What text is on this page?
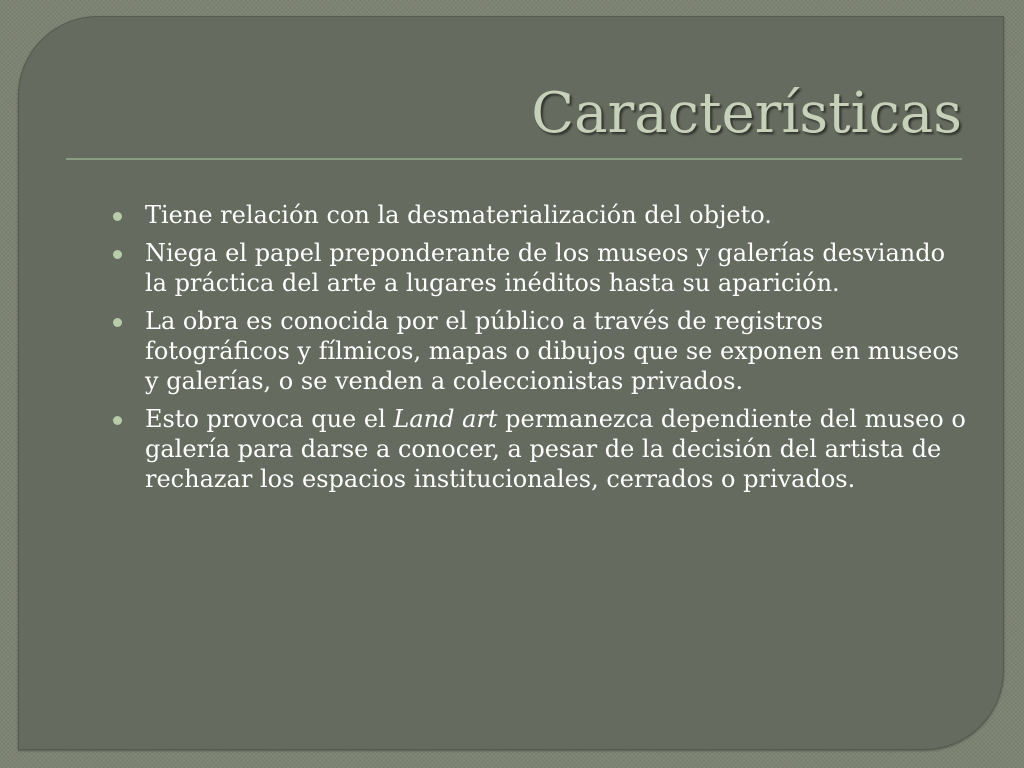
Características
Tiene relación con la desmaterialización del objeto.
Niega el papel preponderante de los museos y galerías desviando la práctica del arte a lugares inéditos hasta su aparición.
La obra es conocida por el público a través de registros fotográficos y fílmicos, mapas o dibujos que se exponen en museos y galerías, o se venden a coleccionistas privados.
Esto provoca que el Land art permanezca dependiente del museo o galería para darse a conocer, a pesar de la decisión del artista de rechazar los espacios institucionales, cerrados o privados.
